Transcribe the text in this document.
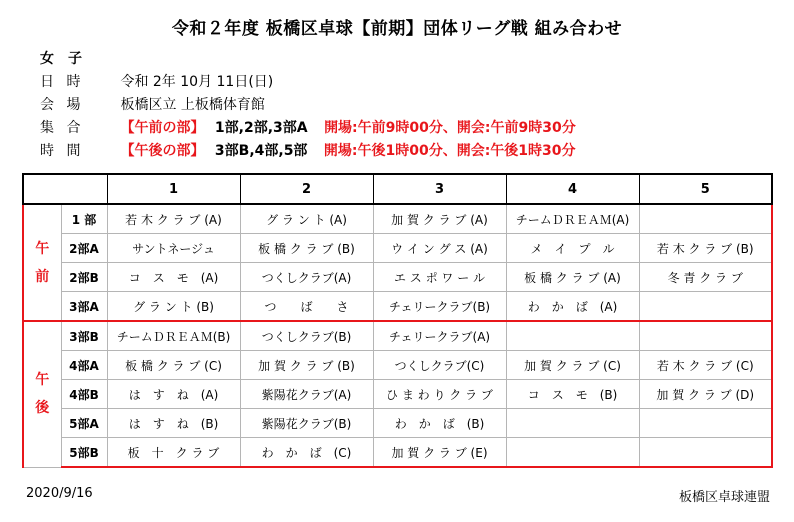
令和２年度 板橋区卓球【前期】団体リーグ戦 組み合わせ
女　子
日 時	令和 2年 10月 11日(日)
会 場	板橋区立 上板橋体育館
集 合	【午前の部】 1部,2部,3部A 開場:午前9時00分、開会:午前9時30分
時 間	【午後の部】 3部B,4部,5部 開場:午後1時00分、開会:午後1時30分
		1	2	3	4	5
午
前	1 部	若 木 ク ラ ブ (A)	グ ラ ン ト (A)	加 賀 ク ラ ブ (A)	チームＤＲＥＡＭ(A)	
	2部A	サントネージュ	板 橋 ク ラ ブ (B)	ウ イ ン グ ス (A)	メ　イ　プ　ル	若 木 ク ラ ブ (B)
	2部B	コ　ス　モ　(A)	つくしクラブ(A)	エ ス ポ ワ ー ル	板 橋 ク ラ ブ (A)	冬 青 ク ラ ブ
	3部A	グ ラ ン ト (B)	つ　　ば　　さ	チェリークラブ(B)	わ　か　ば　(A)	
午
後	3部B	チームＤＲＥＡＭ(B)	つくしクラブ(B)	チェリークラブ(A)		
	4部A	板 橋 ク ラ ブ (C)	加 賀 ク ラ ブ (B)	つくしクラブ(C)	加 賀 ク ラ ブ (C)	若 木 ク ラ ブ (C)
	4部B	は　す　ね　(A)	紫陽花クラブ(A)	ひ ま わ り ク ラ ブ	コ　ス　モ　(B)	加 賀 ク ラ ブ (D)
	5部A	は　す　ね　(B)	紫陽花クラブ(B)	わ　か　ば　(B)		
	5部B	板　十　ク ラ ブ	わ　か　ば　(C)	加 賀 ク ラ ブ (E)		
2020/9/16	板橋区卓球連盟
